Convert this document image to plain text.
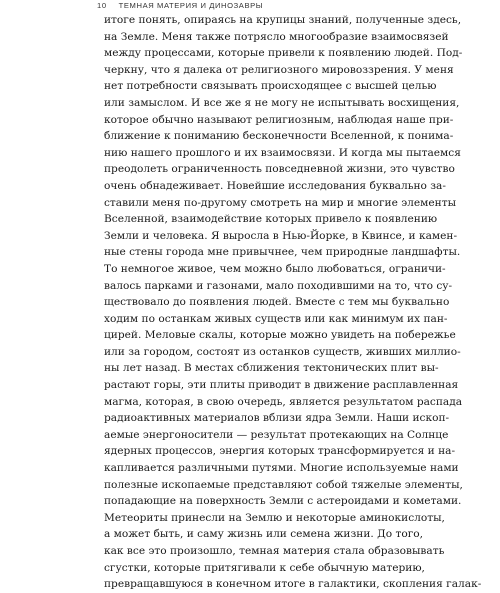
10 ТЕМНАЯ МАТЕРИЯ И ДИНОЗАВРЫ
итоге понять, опираясь на крупицы знаний, полученные здесь,
на Земле. Меня также потрясло многообразие взаимосвязей
между процессами, которые привели к появлению людей. Под-
черкну, что я далека от религиозного мировоззрения. У меня
нет потребности связывать происходящее с высшей целью
или замыслом. И все же я не могу не испытывать восхищения,
которое обычно называют религиозным, наблюдая наше при-
ближение к пониманию бесконечности Вселенной, к понима-
нию нашего прошлого и их взаимосвязи. И когда мы пытаемся
преодолеть ограниченность повседневной жизни, это чувство
очень обнадеживает. Новейшие исследования буквально за-
ставили меня по-другому смотреть на мир и многие элементы
Вселенной, взаимодействие которых привело к появлению
Земли и человека. Я выросла в Нью-Йорке, в Квинсе, и камен-
ные стены города мне привычнее, чем природные ландшафты.
То немногое живое, чем можно было любоваться, ограничи-
валось парками и газонами, мало походившими на то, что су-
ществовало до появления людей. Вместе с тем мы буквально
ходим по останкам живых существ или как минимум их пан-
цирей. Меловые скалы, которые можно увидеть на побережье
или за городом, состоят из останков существ, живших миллио-
ны лет назад. В местах сближения тектонических плит вы-
растают горы, эти плиты приводит в движение расплавленная
магма, которая, в свою очередь, является результатом распада
радиоактивных материалов вблизи ядра Земли. Наши ископ-
аемые энергоносители — результат протекающих на Солнце
ядерных процессов, энергия которых трансформируется и на-
капливается различными путями. Многие используемые нами
полезные ископаемые представляют собой тяжелые элементы,
попадающие на поверхность Земли с астероидами и кометами.
Метеориты принесли на Землю и некоторые аминокислоты,
а может быть, и саму жизнь или семена жизни. До того,
как все это произошло, темная материя стала образовывать
сгустки, которые притягивали к себе обычную материю,
превращавшуюся в конечном итоге в галактики, скопления галак-
